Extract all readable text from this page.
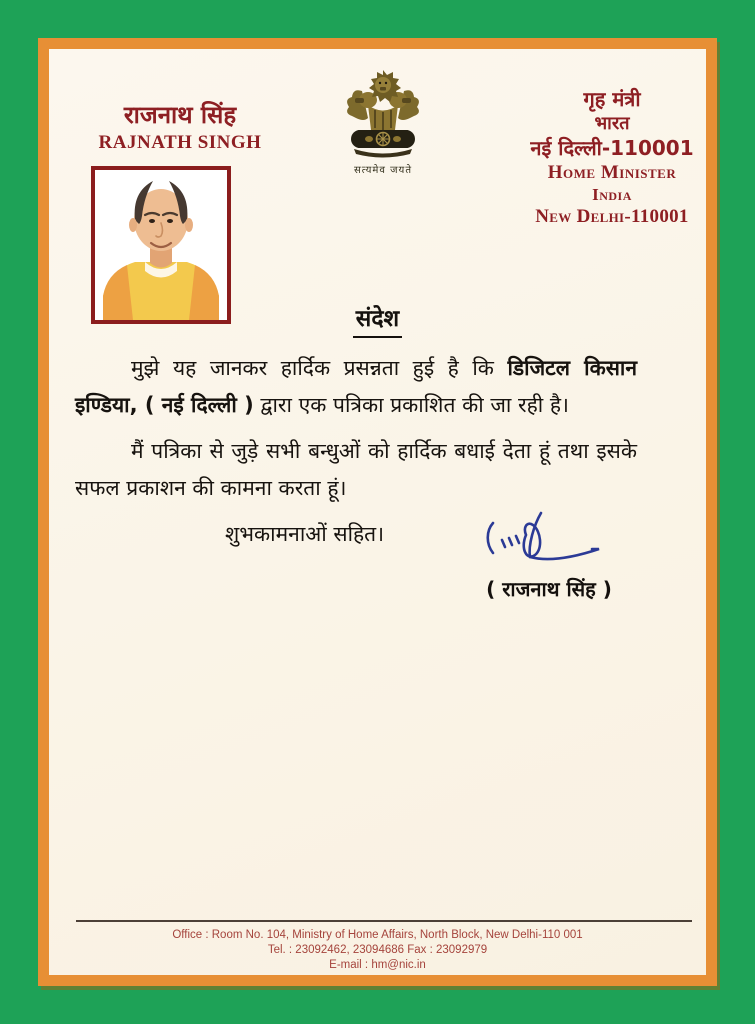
राजनाथ सिंह
RAJNATH SINGH
सत्यमेव जयते
गृह मंत्री
भारत
नई दिल्ली-110001
Home Minister
India
New Delhi-110001
संदेश

मुझे यह जानकर हार्दिक प्रसन्नता हुई है कि डिजिटल किसान इण्डिया, ( नई दिल्ली ) द्वारा एक पत्रिका प्रकाशित की जा रही है।

मैं पत्रिका से जुड़े सभी बन्धुओं को हार्दिक बधाई देता हूं तथा इसके सफल प्रकाशन की कामना करता हूं।

शुभकामनाओं सहित।

( राजनाथ सिंह )
Office : Room No. 104, Ministry of Home Affairs, North Block, New Delhi-110 001
Tel. : 23092462, 23094686 Fax : 23092979
E-mail : hm@nic.in
